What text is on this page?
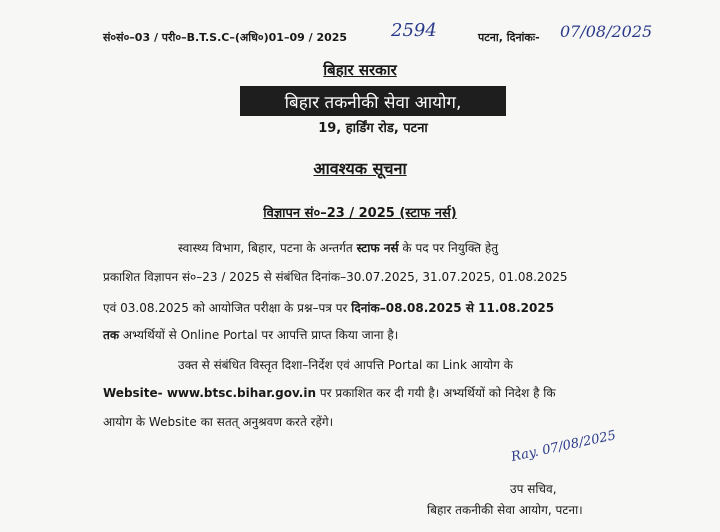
सं०सं०–03 / परी०–B.T.S.C–(अधि०)01–09 / 2025 2594	पटना, दिनांकः- 07/08/2025
बिहार सरकार
बिहार तकनीकी सेवा आयोग,
19, हार्डिंग रोड, पटना
आवश्यक सूचना
विज्ञापन सं०–23 / 2025 (स्टाफ नर्स)
स्वास्थ्य विभाग, बिहार, पटना के अन्तर्गत स्टाफ नर्स के पद पर नियुक्ति हेतु
प्रकाशित विज्ञापन सं०–23 / 2025 से संबंधित दिनांक–30.07.2025, 31.07.2025, 01.08.2025
एवं 03.08.2025 को आयोजित परीक्षा के प्रश्न–पत्र पर दिनांक–08.08.2025 से 11.08.2025
तक अभ्यर्थियों से Online Portal पर आपत्ति प्राप्त किया जाना है।
उक्त से संबंधित विस्तृत दिशा–निर्देश एवं आपत्ति Portal का Link आयोग के
Website- www.btsc.bihar.gov.in पर प्रकाशित कर दी गयी है। अभ्यर्थियों को निदेश है कि
आयोग के Website का सतत् अनुश्रवण करते रहेंगे।
Ray. 07/08/2025
उप सचिव,
बिहार तकनीकी सेवा आयोग, पटना।
